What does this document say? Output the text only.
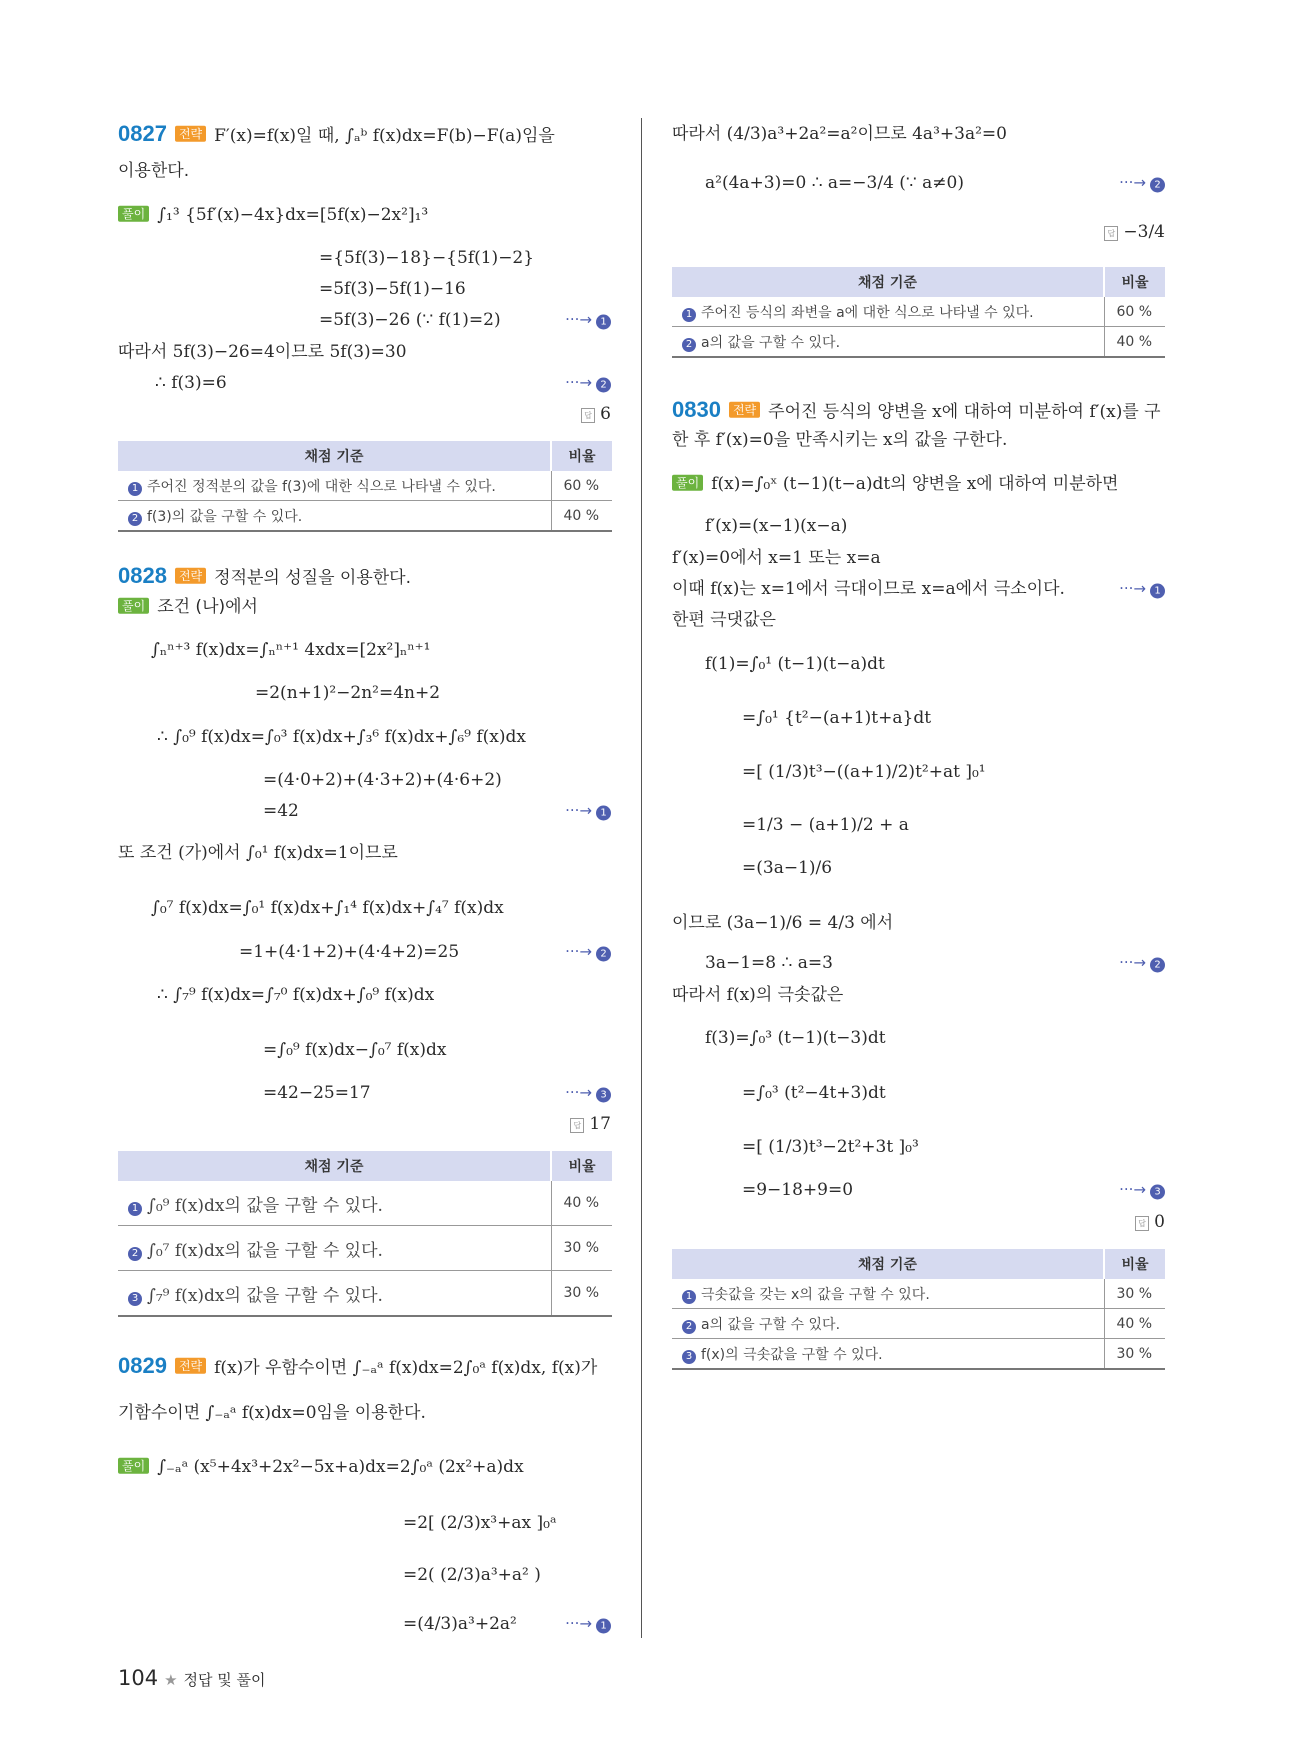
0827 전략 F′(x)=f(x)일 때, ∫ₐᵇ f(x)dx=F(b)−F(a)임을
이용한다.
풀이 ∫₁³ {5f′(x)−4x}dx=[5f(x)−2x²]₁³
={5f(3)−18}−{5f(1)−2}
=5f(3)−5f(1)−16
=5f(3)−26 (∵ f(1)=2)	···→ 1
따라서 5f(3)−26=4이므로 5f(3)=30
∴ f(3)=6	···→ 2
답 6
채점 기준	비율
1 주어진 정적분의 값을 f(3)에 대한 식으로 나타낼 수 있다.	60 %
2 f(3)의 값을 구할 수 있다.	40 %
0828 전략 정적분의 성질을 이용한다.
풀이 조건 (나)에서
∫ₙⁿ⁺³ f(x)dx=∫ₙⁿ⁺¹ 4xdx=[2x²]ₙⁿ⁺¹
=2(n+1)²−2n²=4n+2
∴ ∫₀⁹ f(x)dx=∫₀³ f(x)dx+∫₃⁶ f(x)dx+∫₆⁹ f(x)dx
=(4·0+2)+(4·3+2)+(4·6+2)
=42	···→ 1
또 조건 (가)에서 ∫₀¹ f(x)dx=1이므로
∫₀⁷ f(x)dx=∫₀¹ f(x)dx+∫₁⁴ f(x)dx+∫₄⁷ f(x)dx
=1+(4·1+2)+(4·4+2)=25	···→ 2
∴ ∫₇⁹ f(x)dx=∫₇⁰ f(x)dx+∫₀⁹ f(x)dx
=∫₀⁹ f(x)dx−∫₀⁷ f(x)dx
=42−25=17	···→ 3
답 17
채점 기준	비율
1 ∫₀⁹ f(x)dx의 값을 구할 수 있다.	40 %
2 ∫₀⁷ f(x)dx의 값을 구할 수 있다.	30 %
3 ∫₇⁹ f(x)dx의 값을 구할 수 있다.	30 %
0829 전략 f(x)가 우함수이면 ∫₋ₐᵃ f(x)dx=2∫₀ᵃ f(x)dx, f(x)가
기함수이면 ∫₋ₐᵃ f(x)dx=0임을 이용한다.
풀이 ∫₋ₐᵃ (x⁵+4x³+2x²−5x+a)dx=2∫₀ᵃ (2x²+a)dx
=2[ (2/3)x³+ax ]₀ᵃ
=2( (2/3)a³+a² )
=(4/3)a³+2a²	···→ 1
따라서 (4/3)a³+2a²=a²이므로 4a³+3a²=0
a²(4a+3)=0 ∴ a=−3/4 (∵ a≠0)	···→ 2
답 −3/4
채점 기준	비율
1 주어진 등식의 좌변을 a에 대한 식으로 나타낼 수 있다.	60 %
2 a의 값을 구할 수 있다.	40 %
0830 전략 주어진 등식의 양변을 x에 대하여 미분하여 f′(x)를 구
한 후 f′(x)=0을 만족시키는 x의 값을 구한다.
풀이 f(x)=∫₀ˣ (t−1)(t−a)dt의 양변을 x에 대하여 미분하면
f′(x)=(x−1)(x−a)
f′(x)=0에서 x=1 또는 x=a
이때 f(x)는 x=1에서 극대이므로 x=a에서 극소이다.	···→ 1
한편 극댓값은
f(1)=∫₀¹ (t−1)(t−a)dt
=∫₀¹ {t²−(a+1)t+a}dt
=[ (1/3)t³−((a+1)/2)t²+at ]₀¹
=1/3 − (a+1)/2 + a
=(3a−1)/6
이므로 (3a−1)/6 = 4/3 에서
3a−1=8 ∴ a=3	···→ 2
따라서 f(x)의 극솟값은
f(3)=∫₀³ (t−1)(t−3)dt
=∫₀³ (t²−4t+3)dt
=[ (1/3)t³−2t²+3t ]₀³
=9−18+9=0	···→ 3
답 0
채점 기준	비율
1 극솟값을 갖는 x의 값을 구할 수 있다.	30 %
2 a의 값을 구할 수 있다.	40 %
3 f(x)의 극솟값을 구할 수 있다.	30 %
104 ★ 정답 및 풀이
